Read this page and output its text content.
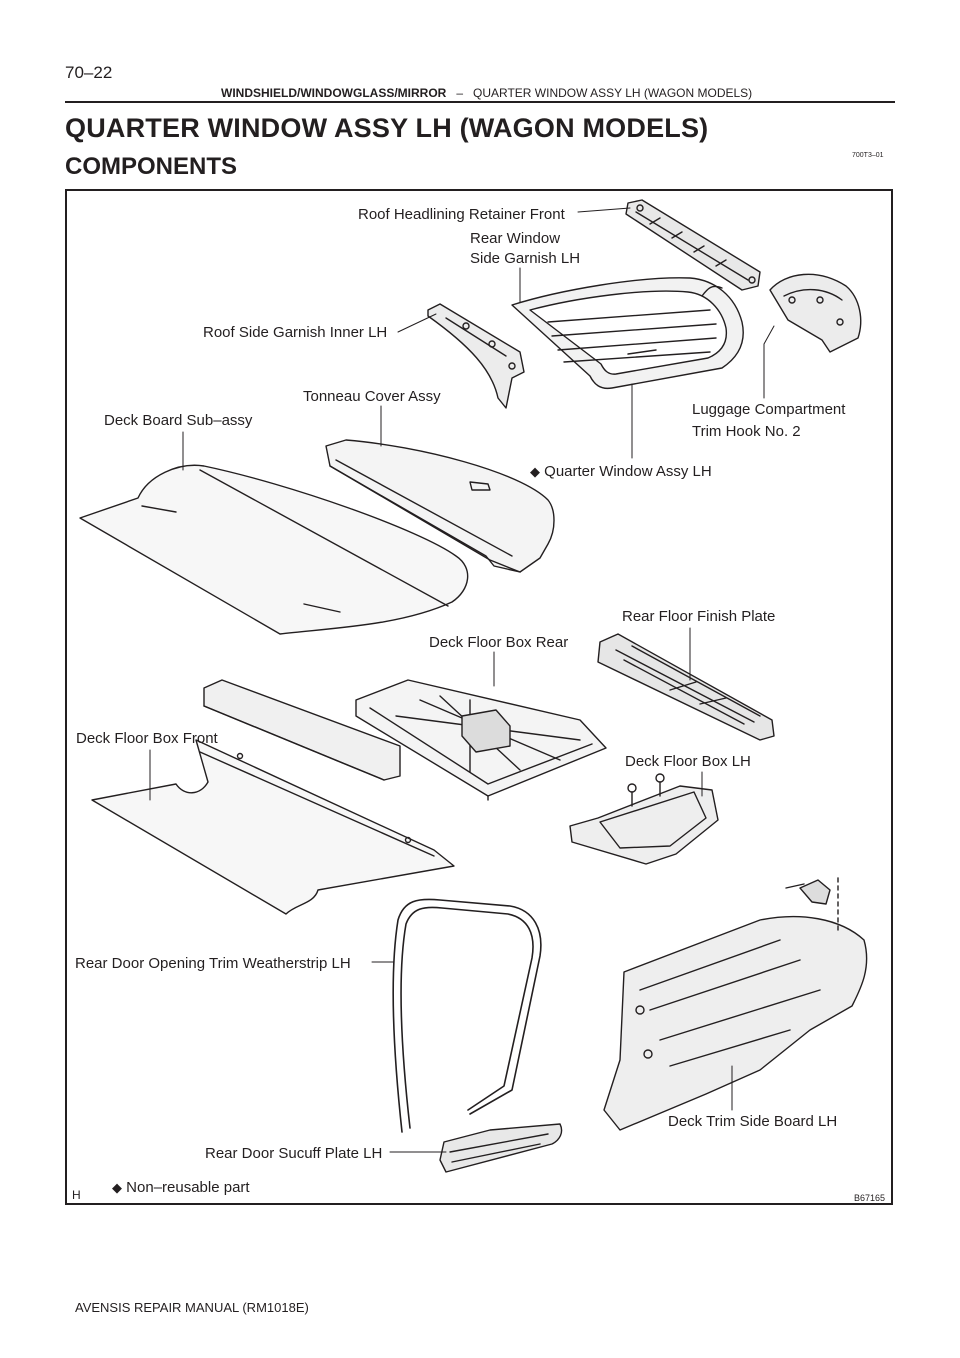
70–22
WINDSHIELD/WINDOWGLASS/MIRROR – QUARTER WINDOW ASSY LH (WAGON MODELS)
QUARTER WINDOW ASSY LH (WAGON MODELS)
COMPONENTS	700T3–01
Roof Headlining Retainer Front
Rear Window
Side Garnish LH
Roof Side Garnish Inner LH
Tonneau Cover Assy
Deck Board Sub–assy
Luggage Compartment
Trim Hook No. 2
◆ Quarter Window Assy LH
Rear Floor Finish Plate
Deck Floor Box Rear
Deck Floor Box Front
Deck Floor Box LH
Rear Door Opening Trim Weatherstrip LH
Deck Trim Side Board LH
Rear Door Sucuff Plate LH
H ◆ Non–reusable part
B67165
AVENSIS REPAIR MANUAL (RM1018E)
